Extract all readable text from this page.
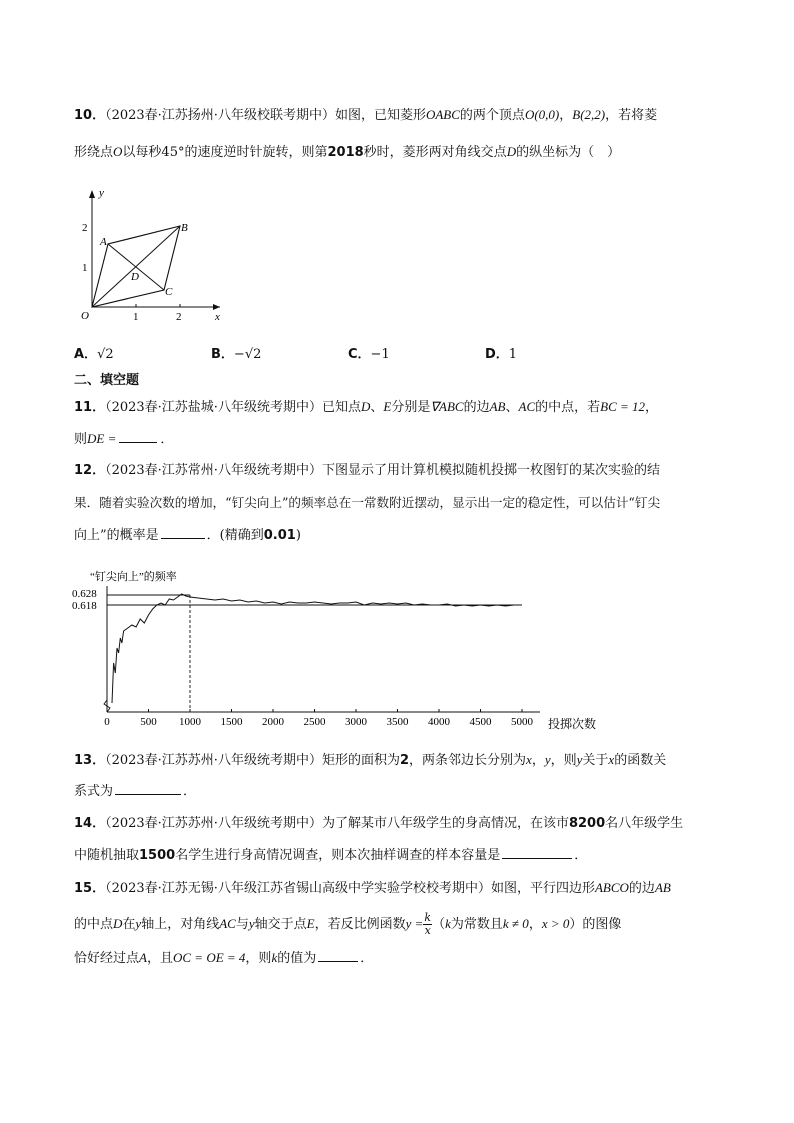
10．（2023春·江苏扬州·八年级校联考期中）如图，已知菱形OABC的两个顶点O(0,0)，B(2,2)，若将菱
形绕点O以每秒45°的速度逆时针旋转，则第2018秒时，菱形两对角线交点D的纵坐标为（　）
y
x
O	1	2
1
2
A
B
C
D
A．√2	B．−√2	C．−1	D．1
二、填空题
11．（2023春·江苏盐城·八年级统考期中）已知点D、E分别是∇ABC的边AB、AC的中点，若BC = 12，
则DE =	．
12．（2023春·江苏常州·八年级统考期中）下图显示了用计算机模拟随机投掷一枚图钉的某次实验的结
果．随着实验次数的增加，“钉尖向上”的频率总在一常数附近摆动，显示出一定的稳定性，可以估计“钉尖
向上”的概率是	．(精确到0.01)
“钉尖向上”的频率
0	500 1000 1500 2000 2500 3000 3500 4000 4500 5000
0.628
0.618
投掷次数
13．（2023春·江苏苏州·八年级统考期中）矩形的面积为2，两条邻边长分别为x，y，则y关于x的函数关
系式为	．
14．（2023春·江苏苏州·八年级统考期中）为了解某市八年级学生的身高情况，在该市8200名八年级学生
中随机抽取1500名学生进行身高情况调查，则本次抽样调查的样本容量是	．
15．（2023春·江苏无锡·八年级江苏省锡山高级中学实验学校校考期中）如图，平行四边形ABCO的边AB
的中点D在y轴上，对角线AC与y轴交于点E，若反比例函数$y = \frac{k}{x} (k$为常数且k ≠ 0，x > 0）的图像
恰好经过点A，且OC = OE = 4，则k的值为	．
